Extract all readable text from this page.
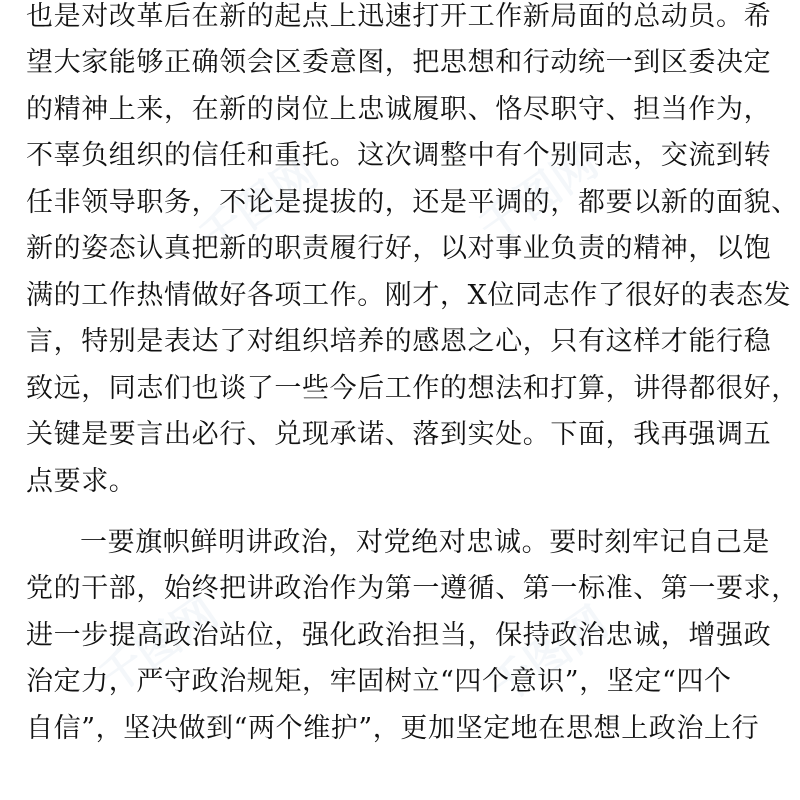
千图网	千图网
千图网	千图网
也是对改革后在新的起点上迅速打开工作新局面的总动员。希
望大家能够正确领会区委意图，把思想和行动统一到区委决定
的精神上来，在新的岗位上忠诚履职、恪尽职守、担当作为，
不辜负组织的信任和重托。这次调整中有个别同志，交流到转
任非领导职务，不论是提拔的，还是平调的，都要以新的面貌、
新的姿态认真把新的职责履行好，以对事业负责的精神，以饱
满的工作热情做好各项工作。刚才，X位同志作了很好的表态发
言，特别是表达了对组织培养的感恩之心，只有这样才能行稳
致远，同志们也谈了一些今后工作的想法和打算，讲得都很好，
关键是要言出必行、兑现承诺、落到实处。下面，我再强调五
点要求。
一要旗帜鲜明讲政治，对党绝对忠诚。要时刻牢记自己是
党的干部，始终把讲政治作为第一遵循、第一标准、第一要求，
进一步提高政治站位，强化政治担当，保持政治忠诚，增强政
治定力，严守政治规矩，牢固树立“四个意识”，坚定“四个
自信”，坚决做到“两个维护”，更加坚定地在思想上政治上行
